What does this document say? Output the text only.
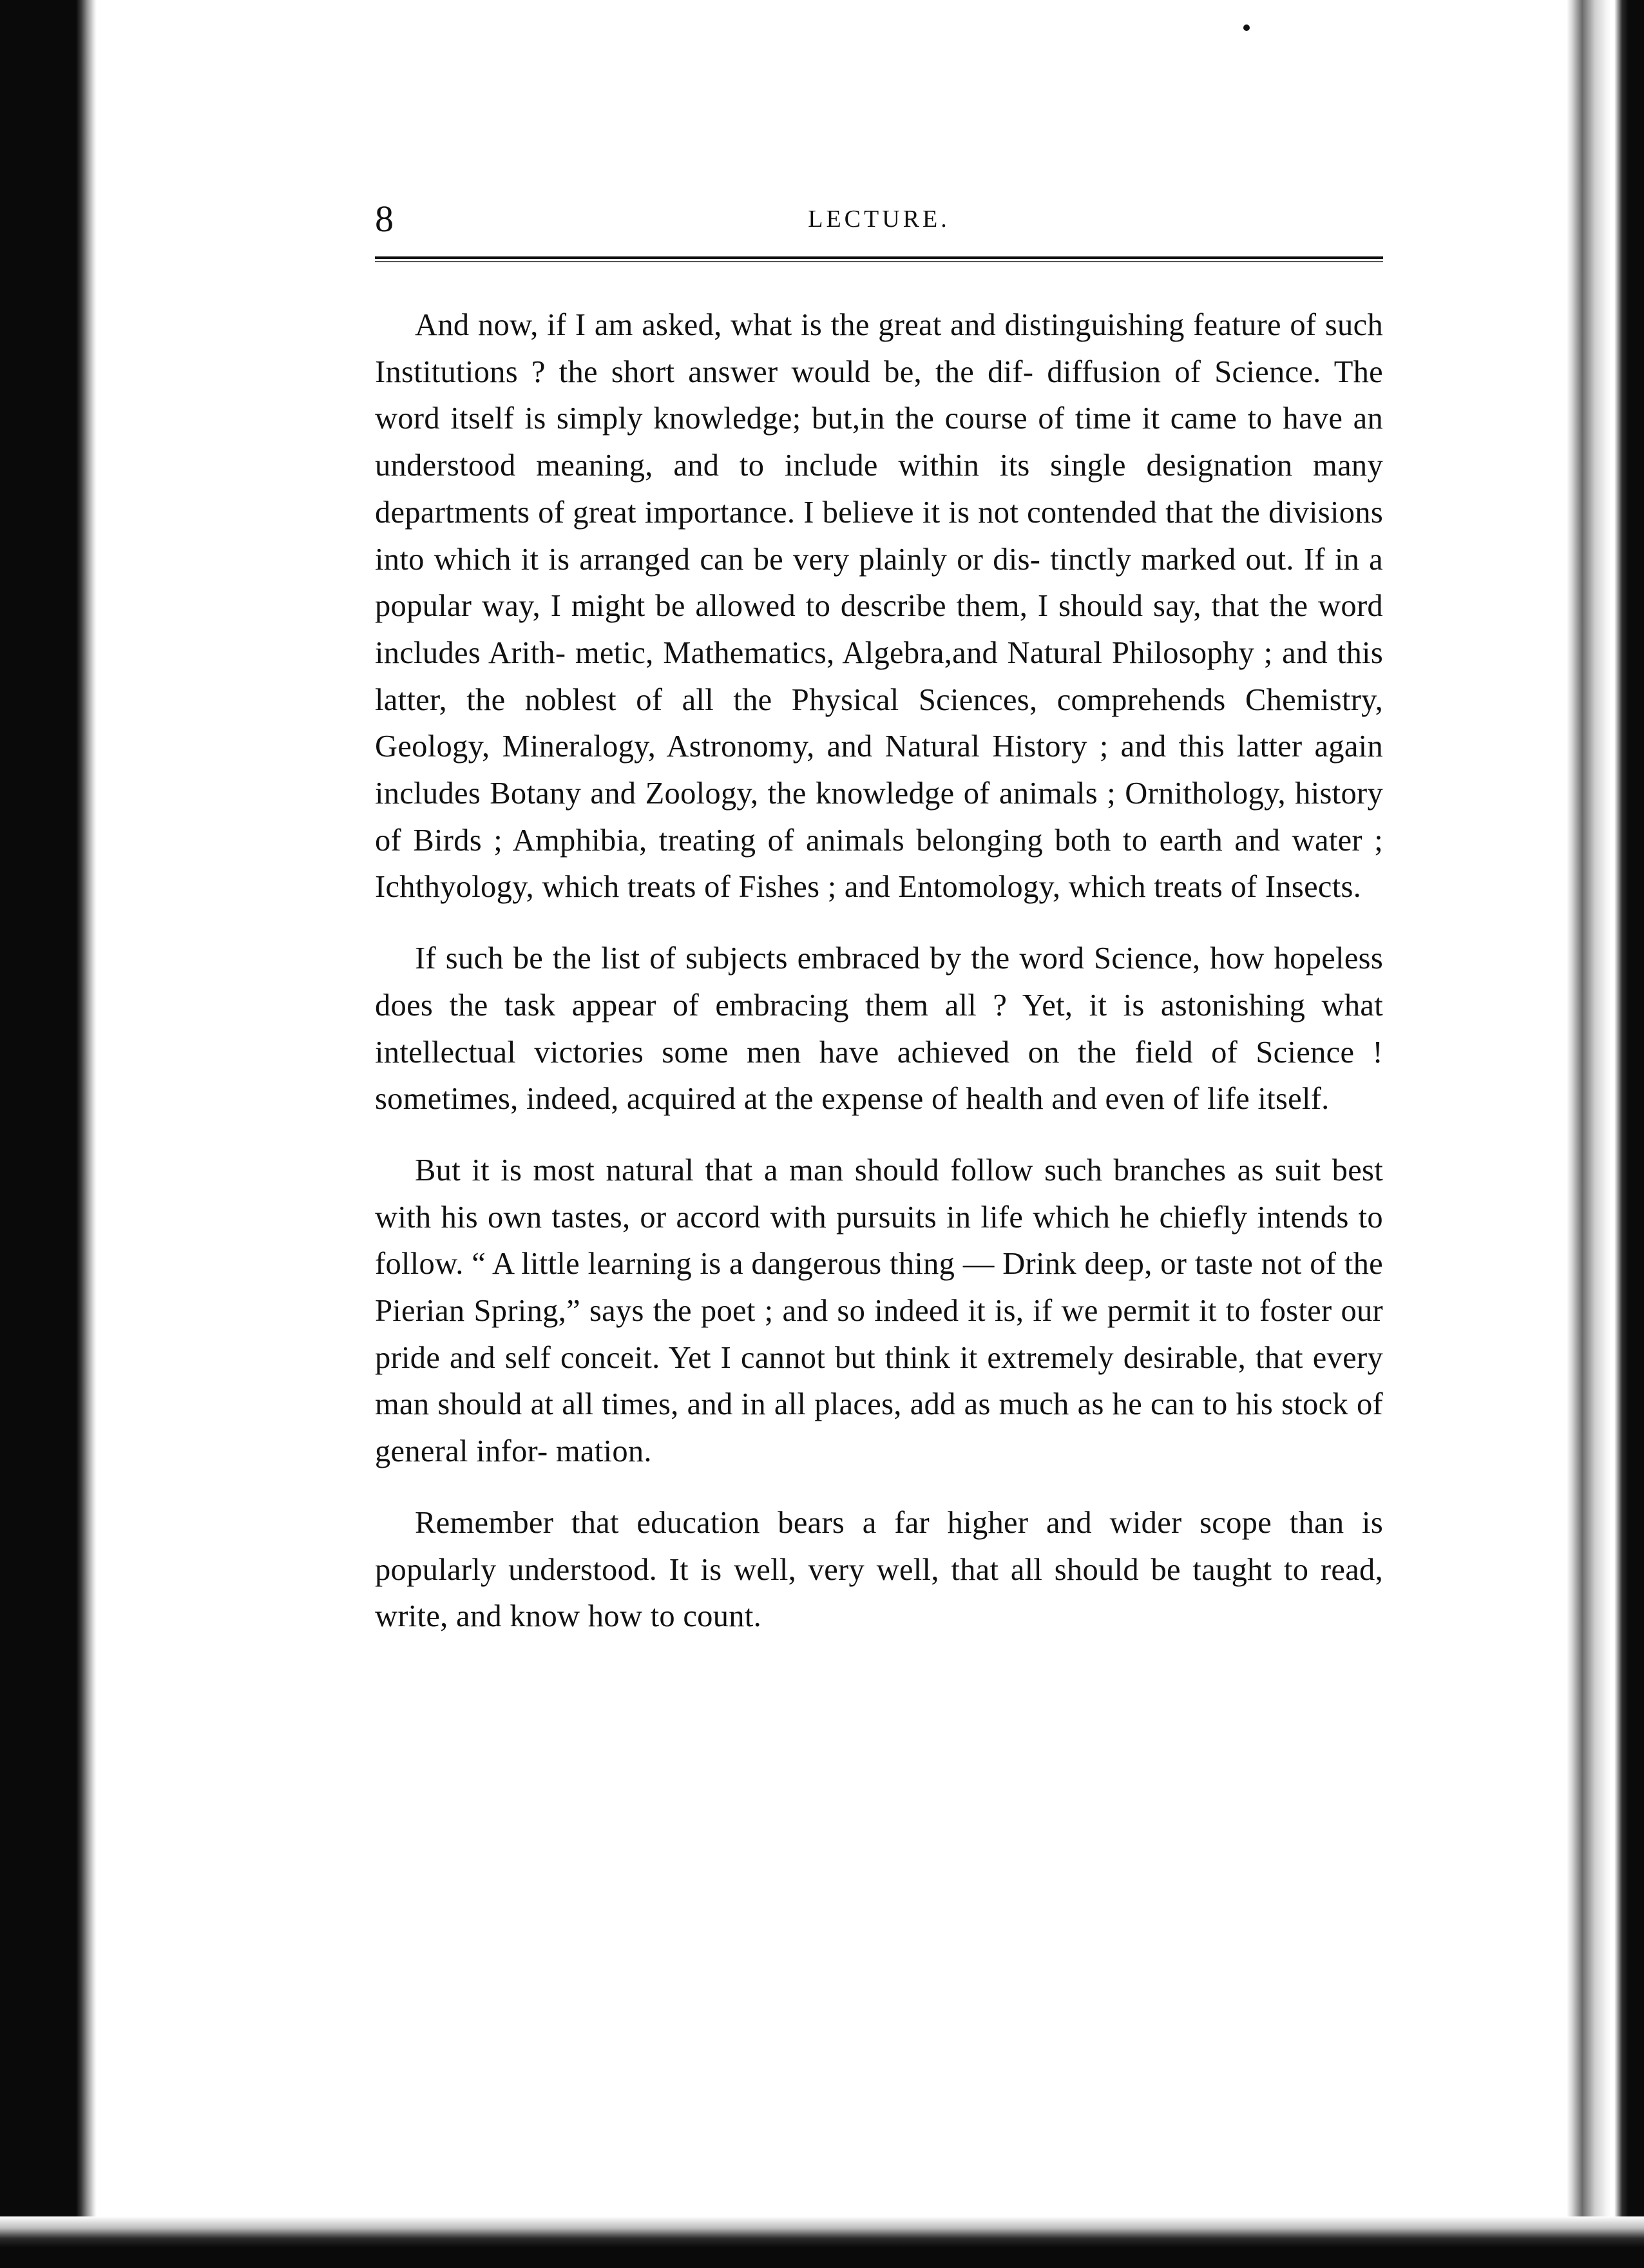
8	LECTURE.

And now, if I am asked, what is the great and distinguishing feature of such Institutions ? the short answer would be, the dif- diffusion of Science. The word itself is simply knowledge; but,in the course of time it came to have an understood meaning, and to include within its single designation many departments of great importance. I believe it is not contended that the divisions into which it is arranged can be very plainly or dis- tinctly marked out. If in a popular way, I might be allowed to describe them, I should say, that the word includes Arith- metic, Mathematics, Algebra,and Natural Philosophy ; and this latter, the noblest of all the Physical Sciences, comprehends Chemistry, Geology, Mineralogy, Astronomy, and Natural History ; and this latter again includes Botany and Zoology, the knowledge of animals ; Ornithology, history of Birds ; Amphibia, treating of animals belonging both to earth and water ; Ichthyology, which treats of Fishes ; and Entomology, which treats of Insects.

If such be the list of subjects embraced by the word Science, how hopeless does the task appear of embracing them all ? Yet, it is astonishing what intellectual victories some men have achieved on the field of Science ! sometimes, indeed, acquired at the expense of health and even of life itself.

But it is most natural that a man should follow such branches as suit best with his own tastes, or accord with pursuits in life which he chiefly intends to follow. “ A little learning is a dangerous thing — Drink deep, or taste not of the Pierian Spring,” says the poet ; and so indeed it is, if we permit it to foster our pride and self conceit. Yet I cannot but think it extremely desirable, that every man should at all times, and in all places, add as much as he can to his stock of general infor- mation.

Remember that education bears a far higher and wider scope than is popularly understood. It is well, very well, that all should be taught to read, write, and know how to count.
